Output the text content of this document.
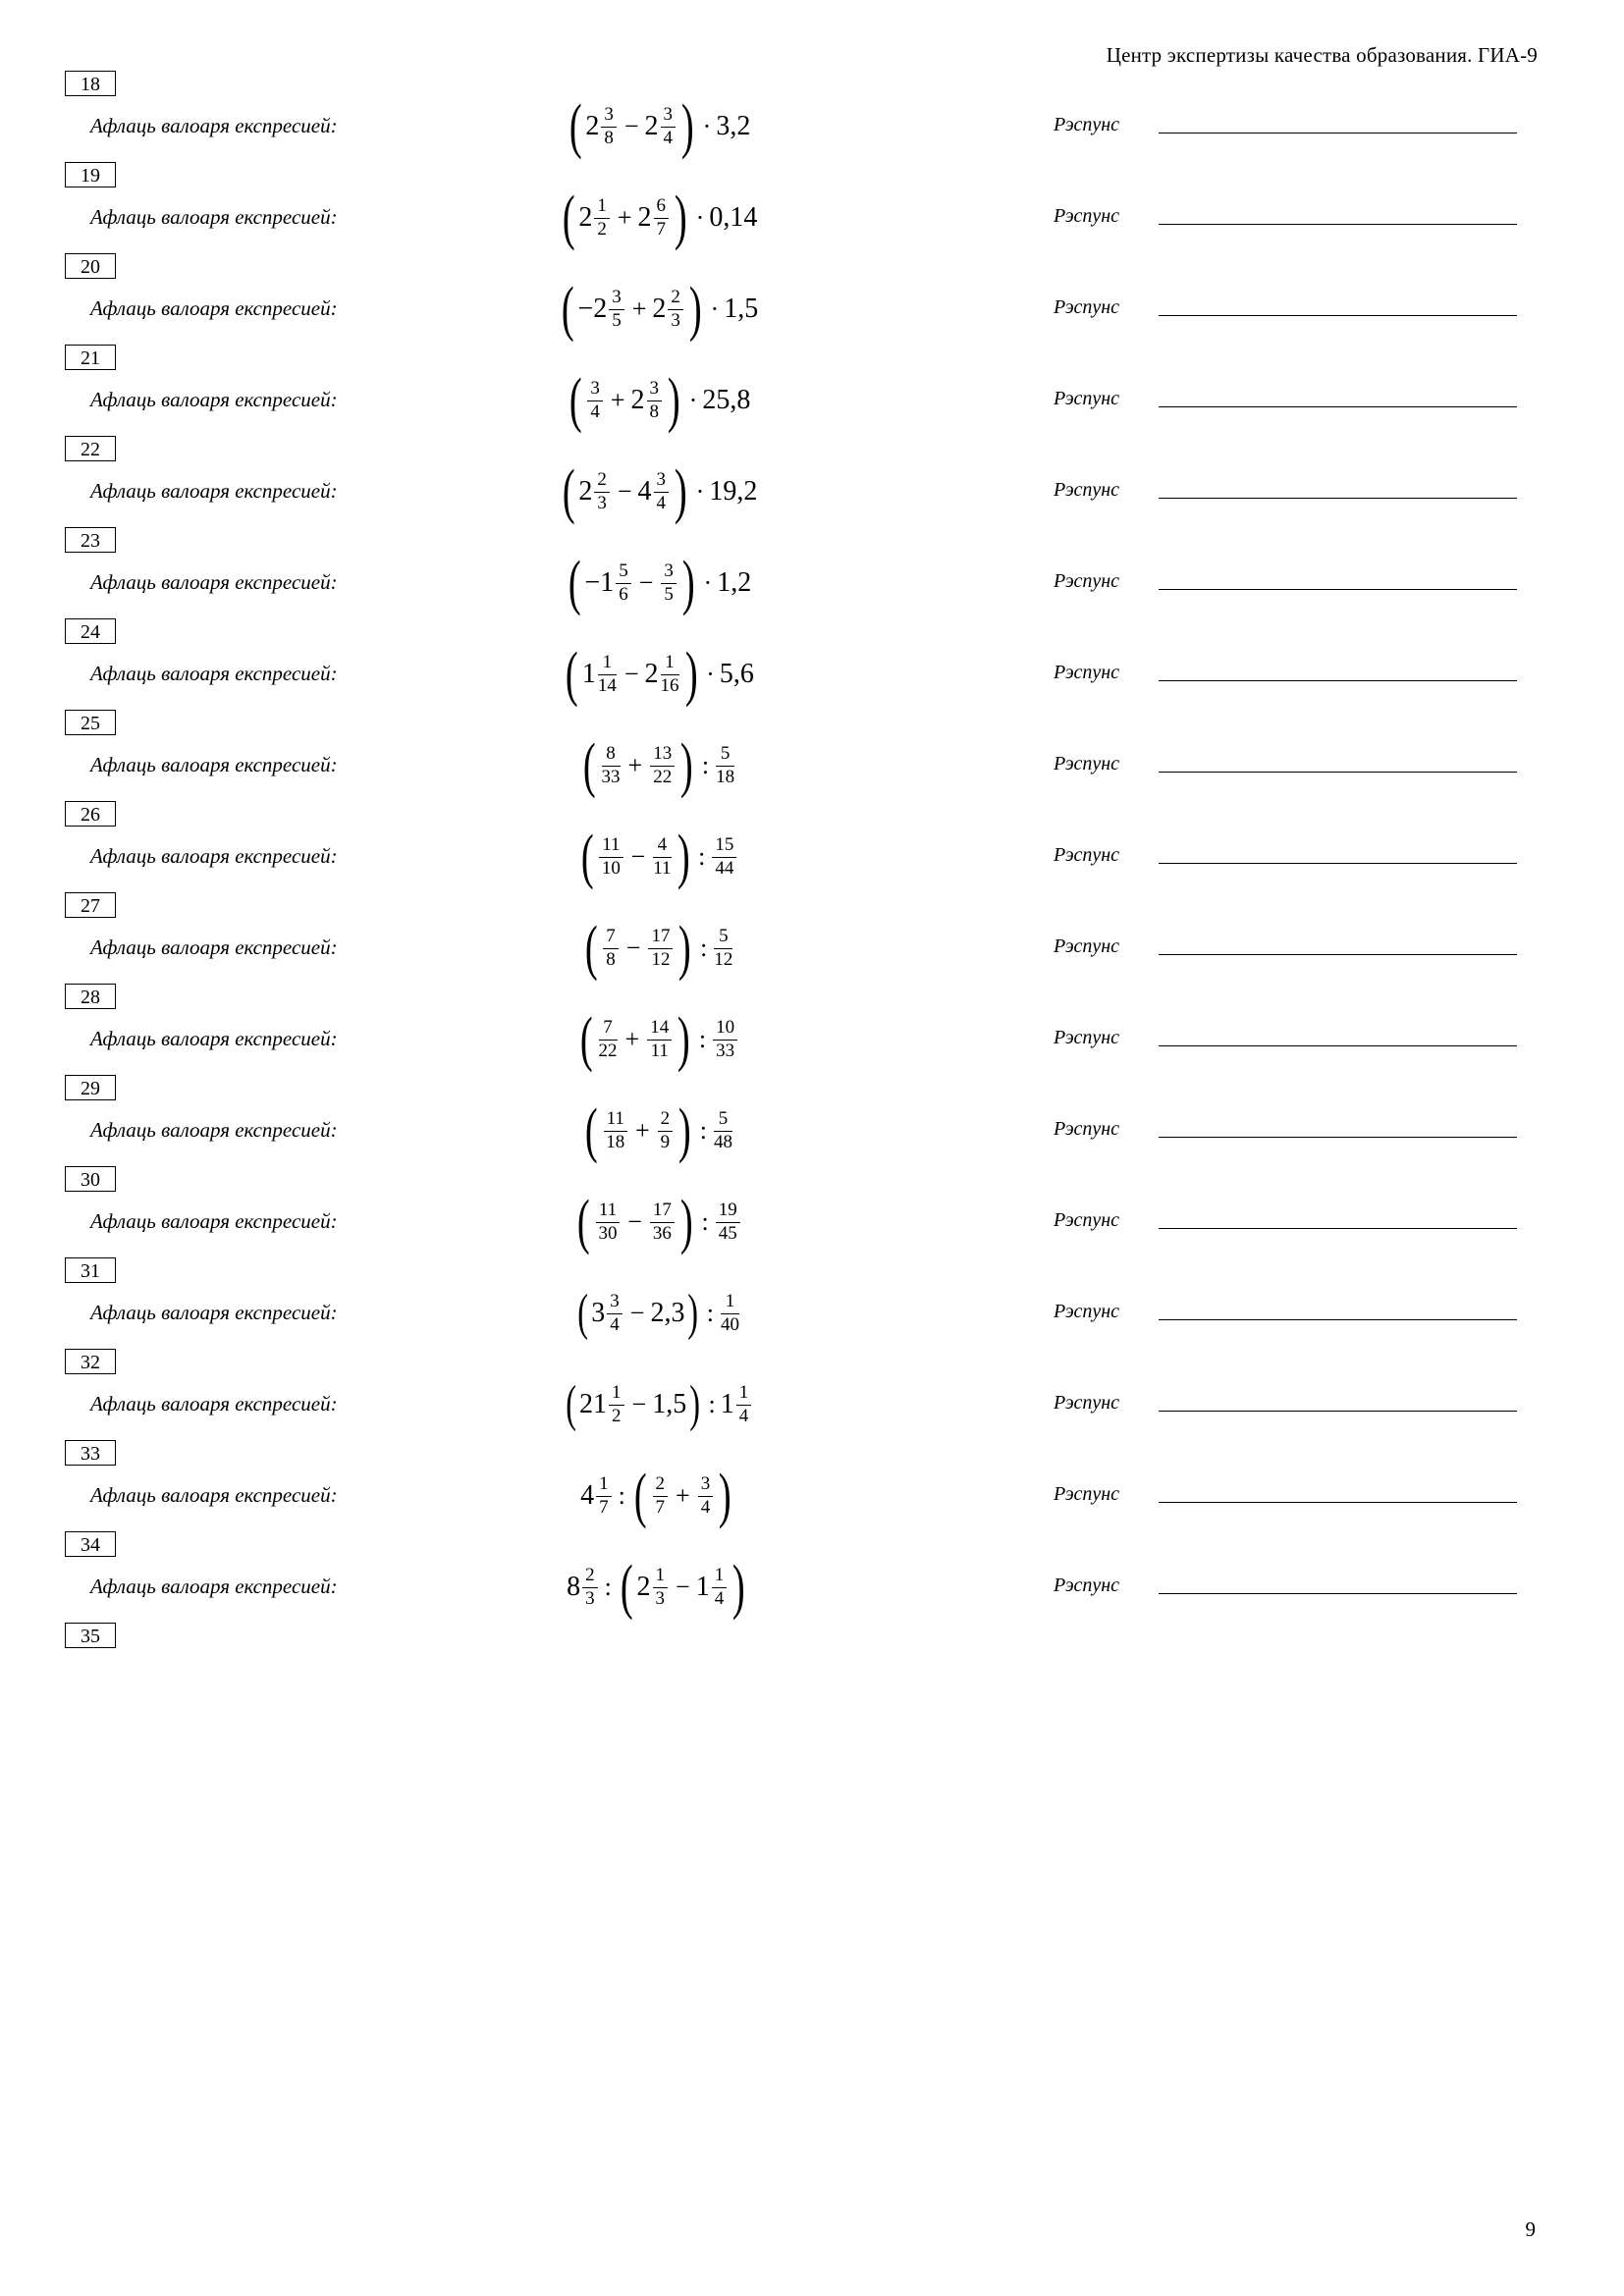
Центр экспертизы качества образования. ГИА-9
18
Афлаць валоаря експресией:	( $2 \frac{3}{8} - 2 \frac{3}{4}$ ) · 3,2	Рэспунс
19
Афлаць валоаря експресией:	( $2 \frac{1}{2} + 2 \frac{6}{7}$ ) · 0,14	Рэспунс
20
Афлаць валоаря експресией:	( $-2 \frac{3}{5} + 2 \frac{2}{3}$ ) · 1,5	Рэспунс
21
Афлаць валоаря експресией:	( $\frac{3}{4} + 2 \frac{3}{8}$ ) · 25,8	Рэспунс
22
Афлаць валоаря експресией:	( $2 \frac{2}{3} - 4 \frac{3}{4}$ ) · 19,2	Рэспунс
23
Афлаць валоаря експресией:	( $-1 \frac{5}{6} - \frac{3}{5}$ ) · 1,2	Рэспунс
24
Афлаць валоаря експресией:	( $1 \frac{1}{14} - 2 \frac{1}{16}$ ) · 5,6	Рэспунс
25
Афлаць валоаря експресией:	( $\frac{8}{33} + \frac{13}{22}$ ) : $\frac{5}{18}$	Рэспунс
26
Афлаць валоаря експресией:	( $\frac{11}{10} - \frac{4}{11}$ ) : $\frac{15}{44}$	Рэспунс
27
Афлаць валоаря експресией:	( $\frac{7}{8} - \frac{17}{12}$ ) : $\frac{5}{12}$	Рэспунс
28
Афлаць валоаря експресией:	( $\frac{7}{22} + \frac{14}{11}$ ) : $\frac{10}{33}$	Рэспунс
29
Афлаць валоаря експресией:	( $\frac{11}{18} + \frac{2}{9}$ ) : $\frac{5}{48}$	Рэспунс
30
Афлаць валоаря експресией:	( $\frac{11}{30} - \frac{17}{36}$ ) : $\frac{19}{45}$	Рэспунс
31
Афлаць валоаря експресией:	( $3 \frac{3}{4} - 2,3$ ) : $\frac{1}{40}$	Рэспунс
32
Афлаць валоаря експресией:	( $21 \frac{1}{2} - 1,5$ ) : $1 \frac{1}{4}$	Рэспунс
33
Афлаць валоаря експресией:	$4 \frac{1}{7}$ : ( $\frac{2}{7} + \frac{3}{4}$ )	Рэспунс
34
Афлаць валоаря експресией:	$8 \frac{2}{3}$ : ( $2 \frac{1}{3} - 1 \frac{1}{4}$ )	Рэспунс
35
9
